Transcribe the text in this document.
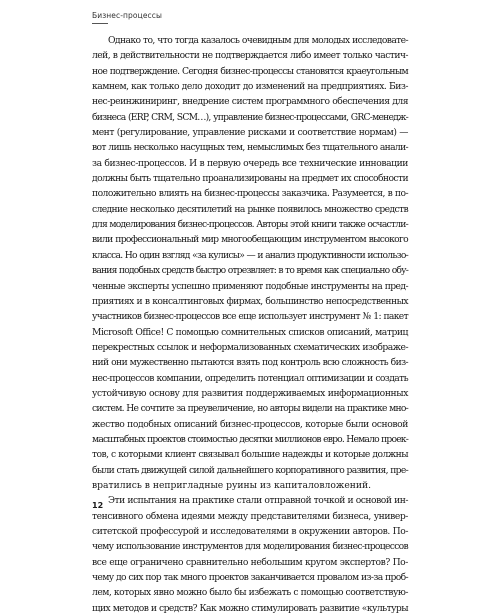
Бизнес-процессы
Однако то, что тогда казалось очевидным для молодых исследовате-
лей, в действительности не подтверждается либо имеет только частич-
ное подтверждение. Сегодня бизнес-процессы становятся краеугольным
камнем, как только дело доходит до изменений на предприятиях. Биз-
нес-реинжиниринг, внедрение систем программного обеспечения для
бизнеса (ERP, CRM, SCM…), управление бизнес-процессами, GRC-менедж-
мент (регулирование, управление рисками и соответствие нормам) —
вот лишь несколько насущных тем, немыслимых без тщательного анали-
за бизнес-процессов. И в первую очередь все технические инновации
должны быть тщательно проанализированы на предмет их способности
положительно влиять на бизнес-процессы заказчика. Разумеется, в по-
следние несколько десятилетий на рынке появилось множество средств
для моделирования бизнес-процессов. Авторы этой книги также осчастли-
вили профессиональный мир многообещающим инструментом высокого
класса. Но один взгляд «за кулисы» — и анализ продуктивности использо-
вания подобных средств быстро отрезвляет: в то время как специально обу-
ченные эксперты успешно применяют подобные инструменты на пред-
приятиях и в консалтинговых фирмах, большинство непосредственных
участников бизнес-процессов все еще использует инструмент № 1: пакет
Microsoft Office! С помощью сомнительных списков описаний, матриц
перекрестных ссылок и неформализованных схематических изображе-
ний они мужественно пытаются взять под контроль всю сложность биз-
нес-процессов компании, определить потенциал оптимизации и создать
устойчивую основу для развития поддерживаемых информационных
систем. Не сочтите за преувеличение, но авторы видели на практике мно-
жество подобных описаний бизнес-процессов, которые были основой
масштабных проектов стоимостью десятки миллионов евро. Немало проек-
тов, с которыми клиент связывал большие надежды и которые должны
были стать движущей силой дальнейшего корпоративного развития, пре-
вратились в непригладные руины из капиталовложений.
Эти испытания на практике стали отправной точкой и основой ин-
тенсивного обмена идеями между представителями бизнеса, универ-
ситетской профессурой и исследователями в окружении авторов. По-
чему использование инструментов для моделирования бизнес-процессов
все еще ограничено сравнительно небольшим кругом экспертов? По-
чему до сих пор так много проектов заканчивается провалом из-за проб-
лем, которых явно можно было бы избежать с помощью соответствую-
щих методов и средств? Как можно стимулировать развитие «культуры
12
